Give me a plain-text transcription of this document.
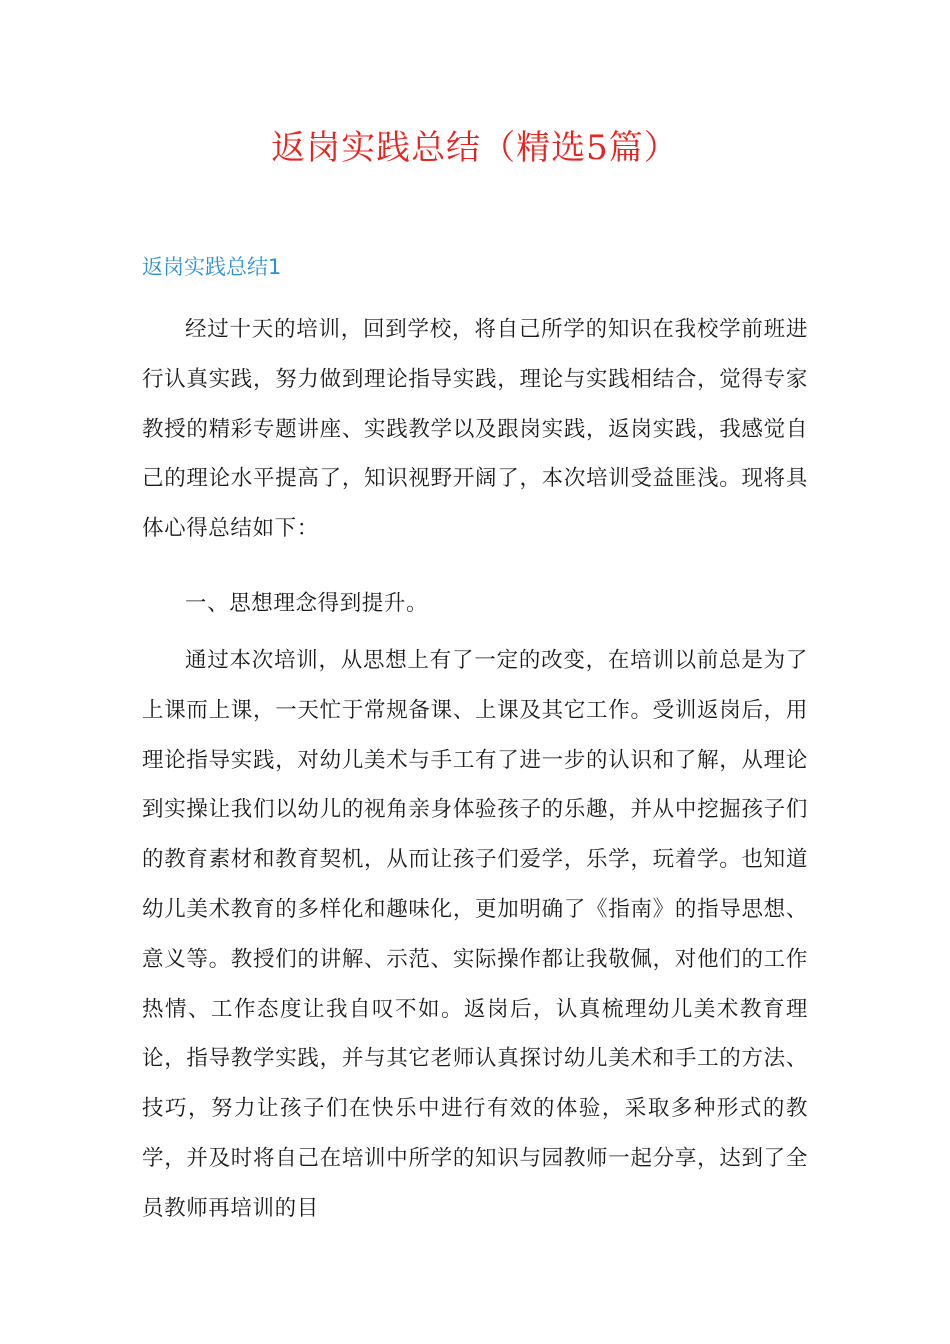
返岗实践总结（精选5篇）
返岗实践总结1

经过十天的培训，回到学校，将自己所学的知识在我校学前班进行认真实践，努力做到理论指导实践，理论与实践相结合，觉得专家教授的精彩专题讲座、实践教学以及跟岗实践，返岗实践，我感觉自己的理论水平提高了，知识视野开阔了，本次培训受益匪浅。现将具体心得总结如下：

一、思想理念得到提升。

通过本次培训，从思想上有了一定的改变，在培训以前总是为了上课而上课，一天忙于常规备课、上课及其它工作。受训返岗后，用理论指导实践，对幼儿美术与手工有了进一步的认识和了解，从理论到实操让我们以幼儿的视角亲身体验孩子的乐趣，并从中挖掘孩子们的教育素材和教育契机，从而让孩子们爱学，乐学，玩着学。也知道幼儿美术教育的多样化和趣味化，更加明确了《指南》的指导思想、意义等。教授们的讲解、示范、实际操作都让我敬佩，对他们的工作热情、工作态度让我自叹不如。返岗后，认真梳理幼儿美术教育理论，指导教学实践，并与其它老师认真探讨幼儿美术和手工的方法、技巧，努力让孩子们在快乐中进行有效的体验，采取多种形式的教学，并及时将自己在培训中所学的知识与园教师一起分享，达到了全员教师再培训的目
